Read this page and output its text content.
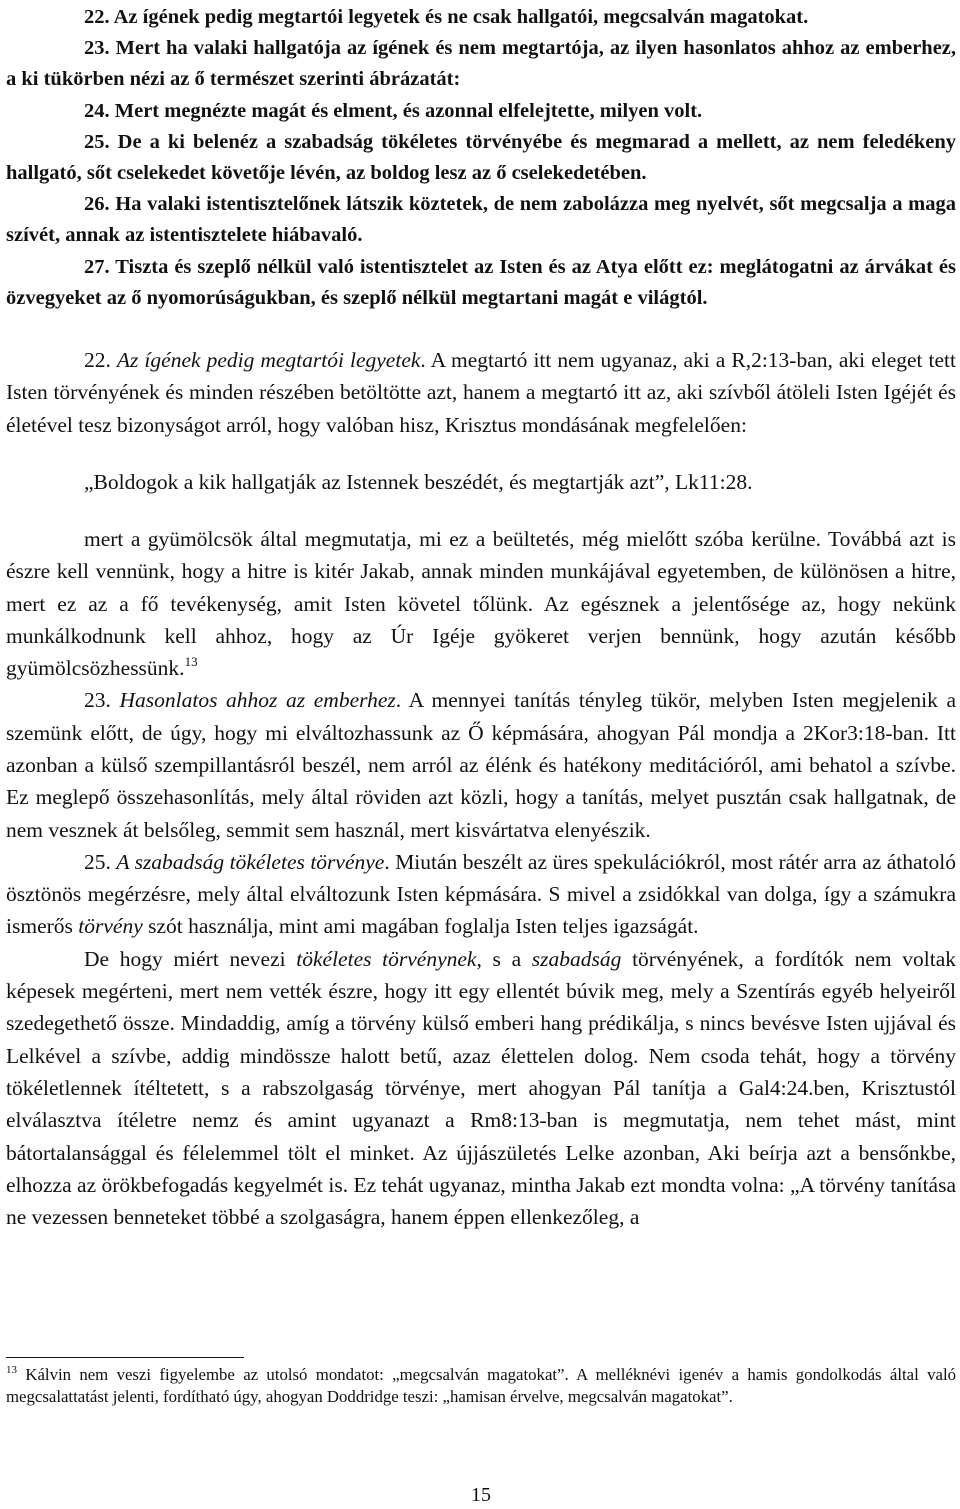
22. Az ígének pedig megtartói legyetek és ne csak hallgatói, megcsalván magatokat.

23. Mert ha valaki hallgatója az ígének és nem megtartója, az ilyen hasonlatos ahhoz az emberhez, a ki tükörben nézi az ő természet szerinti ábrázatát:

24. Mert megnézte magát és elment, és azonnal elfelejtette, milyen volt.

25. De a ki belenéz a szabadság tökéletes törvényébe és megmarad a mellett, az nem feledékeny hallgató, sőt cselekedet követője lévén, az boldog lesz az ő cselekedetében.

26. Ha valaki istentisztelőnek látszik köztetek, de nem zabolázza meg nyelvét, sőt megcsalja a maga szívét, annak az istentisztelete hiábavaló.

27. Tiszta és szeplő nélkül való istentisztelet az Isten és az Atya előtt ez: meglátogatni az árvákat és özvegyeket az ő nyomorúságukban, és szeplő nélkül megtartani magát e világtól.

22. Az ígének pedig megtartói legyetek. A megtartó itt nem ugyanaz, aki a R,2:13-ban, aki eleget tett Isten törvényének és minden részében betöltötte azt, hanem a megtartó itt az, aki szívből átöleli Isten Igéjét és életével tesz bizonyságot arról, hogy valóban hisz, Krisztus mondásának megfelelően:

„Boldogok a kik hallgatják az Istennek beszédét, és megtartják azt”, Lk11:28.

mert a gyümölcsök által megmutatja, mi ez a beültetés, még mielőtt szóba kerülne. Továbbá azt is észre kell vennünk, hogy a hitre is kitér Jakab, annak minden munkájával egyetemben, de különösen a hitre, mert ez az a fő tevékenység, amit Isten követel tőlünk. Az egésznek a jelentősége az, hogy nekünk munkálkodnunk kell ahhoz, hogy az Úr Igéje gyökeret verjen bennünk, hogy azután később gyümölcsözhessünk.$^{13}$

23. Hasonlatos ahhoz az emberhez. A mennyei tanítás tényleg tükör, melyben Isten megjelenik a szemünk előtt, de úgy, hogy mi elváltozhassunk az Ő képmására, ahogyan Pál mondja a 2Kor3:18-ban. Itt azonban a külső szempillantásról beszél, nem arról az élénk és hatékony meditációról, ami behatol a szívbe. Ez meglepő összehasonlítás, mely által röviden azt közli, hogy a tanítás, melyet pusztán csak hallgatnak, de nem vesznek át belsőleg, semmit sem használ, mert kisvártatva elenyészik.

25. A szabadság tökéletes törvénye. Miután beszélt az üres spekulációkról, most rátér arra az áthatoló ösztönös megérzésre, mely által elváltozunk Isten képmására. S mivel a zsidókkal van dolga, így a számukra ismerős törvény szót használja, mint ami magában foglalja Isten teljes igazságát.

De hogy miért nevezi tökéletes törvénynek, s a szabadság törvényének, a fordítók nem voltak képesek megérteni, mert nem vették észre, hogy itt egy ellentét búvik meg, mely a Szentírás egyéb helyeiről szedegethető össze. Mindaddig, amíg a törvény külső emberi hang prédikálja, s nincs bevésve Isten ujjával és Lelkével a szívbe, addig mindössze halott betű, azaz élettelen dolog. Nem csoda tehát, hogy a törvény tökéletlennek ítéltetett, s a rabszolgaság törvénye, mert ahogyan Pál tanítja a Gal4:24.ben, Krisztustól elválasztva ítéletre nemz és amint ugyanazt a Rm8:13-ban is megmutatja, nem tehet mást, mint bátortalansággal és félelemmel tölt el minket. Az újjászületés Lelke azonban, Aki beírja azt a bensőnkbe, elhozza az örökbefogadás kegyelmét is. Ez tehát ugyanaz, mintha Jakab ezt mondta volna: „A törvény tanítása ne vezessen benneteket többé a szolgaságra, hanem éppen ellenkezőleg, a

$^{13}$ Kálvin nem veszi figyelembe az utolsó mondatot: „megcsalván magatokat”. A melléknévi igenév a hamis gondolkodás által való megcsalattatást jelenti, fordítható úgy, ahogyan Doddridge teszi: „hamisan érvelve, megcsalván magatokat”.

15
